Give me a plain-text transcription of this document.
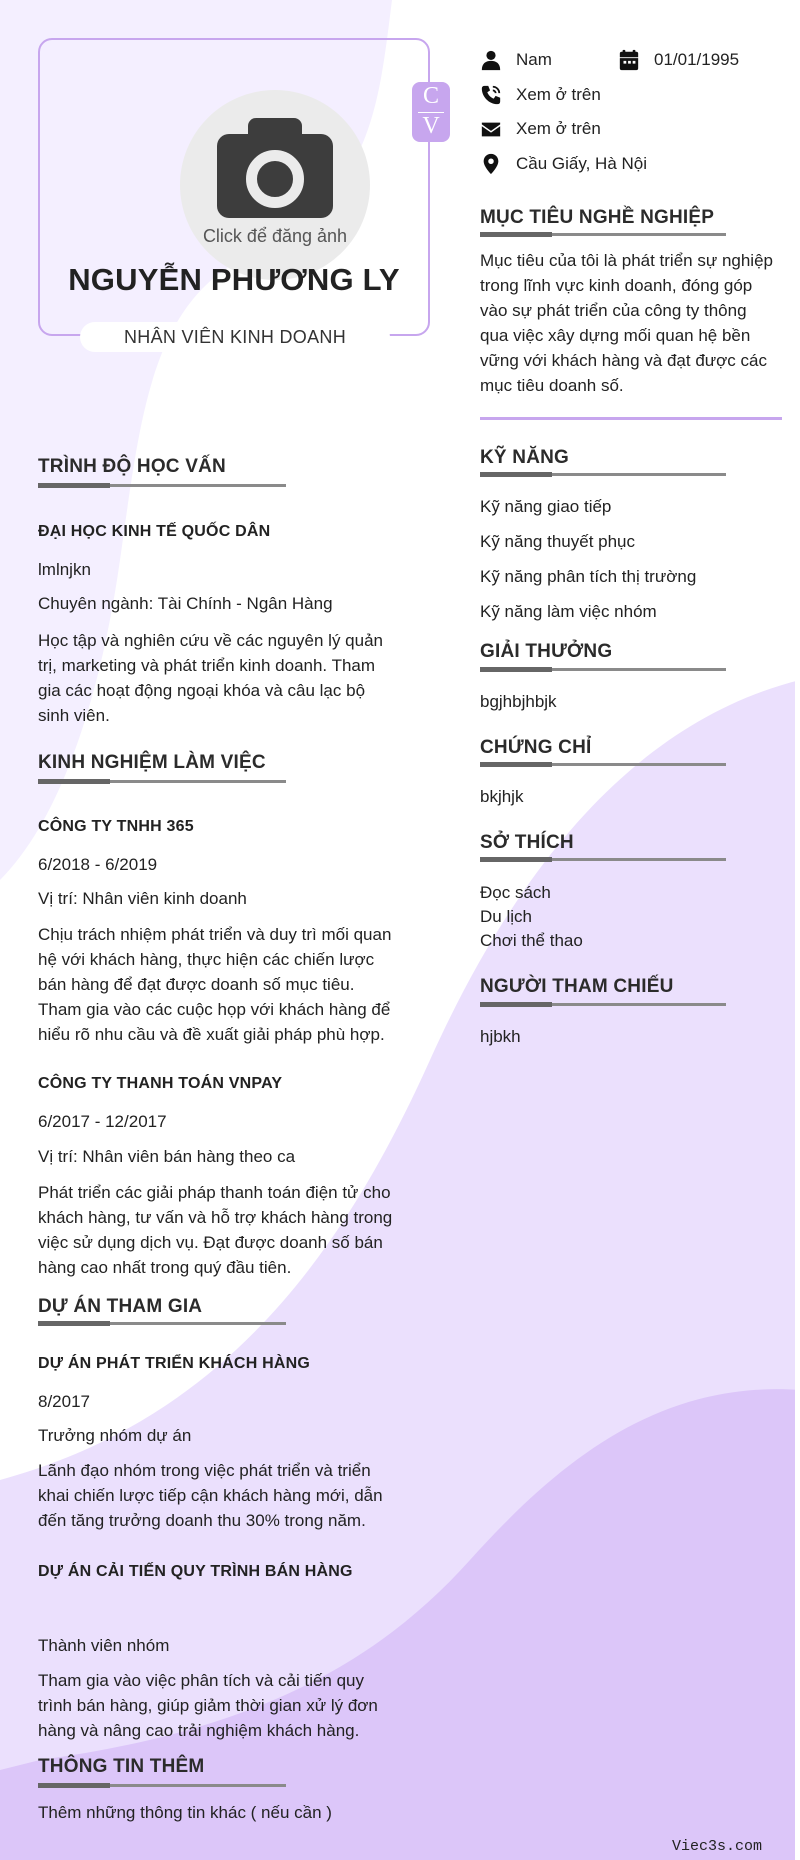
Click để đăng ảnh
NGUYỄN PHƯƠNG LY
NHÂN VIÊN KINH DOANH
C
V
Nam	01/01/1995
Xem ở trên
Xem ở trên
Cầu Giấy, Hà Nội
MỤC TIÊU NGHỀ NGHIỆP
Mục tiêu của tôi là phát triển sự nghiệp
trong lĩnh vực kinh doanh, đóng góp
vào sự phát triển của công ty thông
qua việc xây dựng mối quan hệ bền
vững với khách hàng và đạt được các
mục tiêu doanh số.
KỸ NĂNG
Kỹ năng giao tiếp
Kỹ năng thuyết phục
Kỹ năng phân tích thị trường
Kỹ năng làm việc nhóm
GIẢI THƯỞNG
bgjhbjhbjk
CHỨNG CHỈ
bkjhjk
SỞ THÍCH
Đọc sách
Du lịch
Chơi thể thao
NGƯỜI THAM CHIẾU
hjbkh
TRÌNH ĐỘ HỌC VẤN
ĐẠI HỌC KINH TẾ QUỐC DÂN
lmlnjkn
Chuyên ngành: Tài Chính - Ngân Hàng
Học tập và nghiên cứu về các nguyên lý quản
trị, marketing và phát triển kinh doanh. Tham
gia các hoạt động ngoại khóa và câu lạc bộ
sinh viên.
KINH NGHIỆM LÀM VIỆC
CÔNG TY TNHH 365
6/2018 - 6/2019
Vị trí: Nhân viên kinh doanh
Chịu trách nhiệm phát triển và duy trì mối quan
hệ với khách hàng, thực hiện các chiến lược
bán hàng để đạt được doanh số mục tiêu.
Tham gia vào các cuộc họp với khách hàng để
hiểu rõ nhu cầu và đề xuất giải pháp phù hợp.
CÔNG TY THANH TOÁN VNPAY
6/2017 - 12/2017
Vị trí: Nhân viên bán hàng theo ca
Phát triển các giải pháp thanh toán điện tử cho
khách hàng, tư vấn và hỗ trợ khách hàng trong
việc sử dụng dịch vụ. Đạt được doanh số bán
hàng cao nhất trong quý đầu tiên.
DỰ ÁN THAM GIA
DỰ ÁN PHÁT TRIỂN KHÁCH HÀNG
8/2017
Trưởng nhóm dự án
Lãnh đạo nhóm trong việc phát triển và triển
khai chiến lược tiếp cận khách hàng mới, dẫn
đến tăng trưởng doanh thu 30% trong năm.
DỰ ÁN CẢI TIẾN QUY TRÌNH BÁN HÀNG
Thành viên nhóm
Tham gia vào việc phân tích và cải tiến quy
trình bán hàng, giúp giảm thời gian xử lý đơn
hàng và nâng cao trải nghiệm khách hàng.
THÔNG TIN THÊM
Thêm những thông tin khác ( nếu cần )
Viec3s.com
